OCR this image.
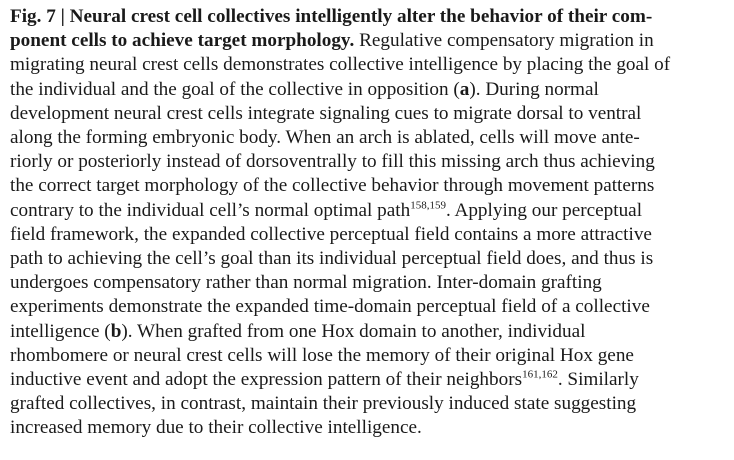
Fig. 7 | Neural crest cell collectives intelligently alter the behavior of their com-
ponent cells to achieve target morphology. Regulative compensatory migration in
migrating neural crest cells demonstrates collective intelligence by placing the goal of
the individual and the goal of the collective in opposition (a). During normal
development neural crest cells integrate signaling cues to migrate dorsal to ventral
along the forming embryonic body. When an arch is ablated, cells will move ante-
riorly or posteriorly instead of dorsoventrally to fill this missing arch thus achieving
the correct target morphology of the collective behavior through movement patterns
contrary to the individual cell’s normal optimal path$^{158,159}$. Applying our perceptual
field framework, the expanded collective perceptual field contains a more attractive
path to achieving the cell’s goal than its individual perceptual field does, and thus is
undergoes compensatory rather than normal migration. Inter-domain grafting
experiments demonstrate the expanded time-domain perceptual field of a collective
intelligence (b). When grafted from one Hox domain to another, individual
rhombomere or neural crest cells will lose the memory of their original Hox gene
inductive event and adopt the expression pattern of their neighbors$^{161,162}$. Similarly
grafted collectives, in contrast, maintain their previously induced state suggesting
increased memory due to their collective intelligence.
